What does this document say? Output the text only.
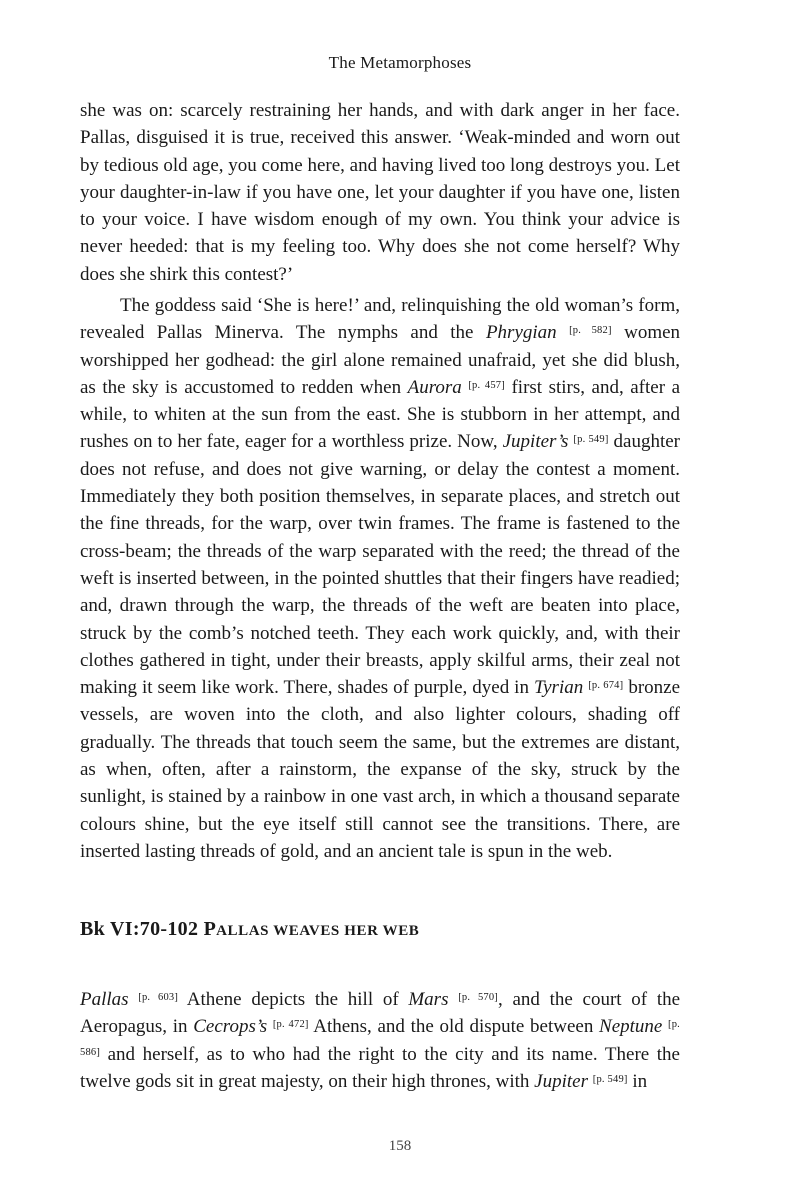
The Metamorphoses

she was on: scarcely restraining her hands, and with dark anger in her face. Pallas, disguised it is true, received this answer. ‘Weak-minded and worn out by tedious old age, you come here, and having lived too long destroys you. Let your daughter-in-law if you have one, let your daughter if you have one, listen to your voice. I have wisdom enough of my own. You think your advice is never heeded: that is my feeling too. Why does she not come herself? Why does she shirk this contest?’

The goddess said ‘She is here!’ and, relinquishing the old woman’s form, revealed Pallas Minerva. The nymphs and the Phrygian [p. 582] women worshipped her godhead: the girl alone remained unafraid, yet she did blush, as the sky is accustomed to redden when Aurora [p. 457] first stirs, and, after a while, to whiten at the sun from the east. She is stubborn in her attempt, and rushes on to her fate, eager for a worthless prize. Now, Jupiter’s [p. 549] daughter does not refuse, and does not give warning, or delay the contest a moment. Immediately they both position themselves, in separate places, and stretch out the fine threads, for the warp, over twin frames. The frame is fastened to the cross-beam; the threads of the warp separated with the reed; the thread of the weft is inserted between, in the pointed shuttles that their fingers have readied; and, drawn through the warp, the threads of the weft are beaten into place, struck by the comb’s notched teeth. They each work quickly, and, with their clothes gathered in tight, under their breasts, apply skilful arms, their zeal not making it seem like work. There, shades of purple, dyed in Tyrian [p. 674] bronze vessels, are woven into the cloth, and also lighter colours, shading off gradually. The threads that touch seem the same, but the extremes are distant, as when, often, after a rainstorm, the expanse of the sky, struck by the sunlight, is stained by a rainbow in one vast arch, in which a thousand separate colours shine, but the eye itself still cannot see the transitions. There, are inserted lasting threads of gold, and an ancient tale is spun in the web.

Bk VI:70-102 PALLAS WEAVES HER WEB

Pallas [p. 603] Athene depicts the hill of Mars [p. 570], and the court of the Aeropagus, in Cecrops’s [p. 472] Athens, and the old dispute between Neptune [p. 586] and herself, as to who had the right to the city and its name. There the twelve gods sit in great majesty, on their high thrones, with Jupiter [p. 549] in

158
